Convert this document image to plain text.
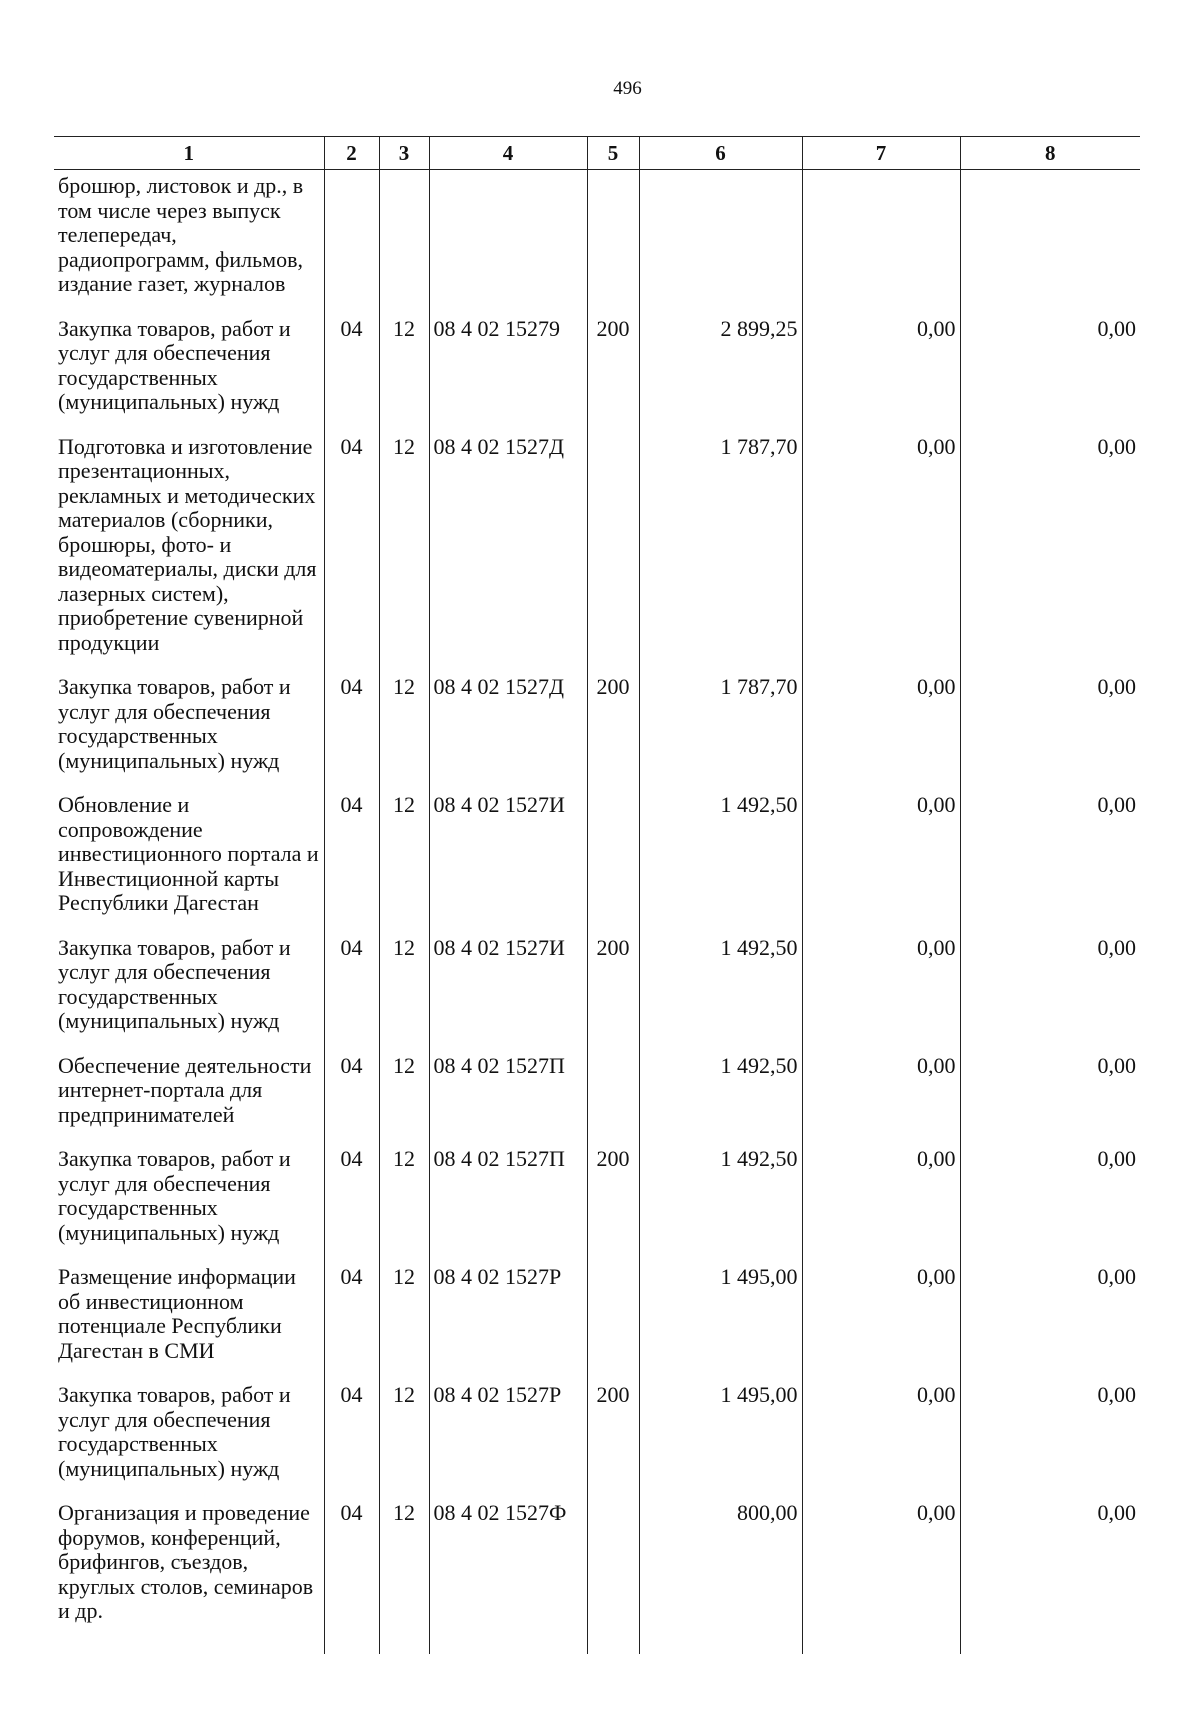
496
1	2	3	4	5	6	7	8
брошюр, листовок и др., в том числе через выпуск телепередач, радиопрограмм, фильмов, издание газет, журналов							
Закупка товаров, работ и услуг для обеспечения государственных (муниципальных) нужд	04	12	08 4 02 15279	200	2 899,25	0,00	0,00
Подготовка и изготовление презентационных, рекламных и методических материалов (сборники, брошюры, фото- и видеоматериалы, диски для лазерных систем), приобретение сувенирной продукции	04	12	08 4 02 1527Д		1 787,70	0,00	0,00
Закупка товаров, работ и услуг для обеспечения государственных (муниципальных) нужд	04	12	08 4 02 1527Д	200	1 787,70	0,00	0,00
Обновление и сопровождение инвестиционного портала и Инвестиционной карты Республики Дагестан	04	12	08 4 02 1527И		1 492,50	0,00	0,00
Закупка товаров, работ и услуг для обеспечения государственных (муниципальных) нужд	04	12	08 4 02 1527И	200	1 492,50	0,00	0,00
Обеспечение деятельности интернет-портала для предпринимателей	04	12	08 4 02 1527П		1 492,50	0,00	0,00
Закупка товаров, работ и услуг для обеспечения государственных (муниципальных) нужд	04	12	08 4 02 1527П	200	1 492,50	0,00	0,00
Размещение информации об инвестиционном потенциале Республики Дагестан в СМИ	04	12	08 4 02 1527Р		1 495,00	0,00	0,00
Закупка товаров, работ и услуг для обеспечения государственных (муниципальных) нужд	04	12	08 4 02 1527Р	200	1 495,00	0,00	0,00
Организация и проведение форумов, конференций, брифингов, съездов, круглых столов, семинаров и др.	04	12	08 4 02 1527Ф		800,00	0,00	0,00
